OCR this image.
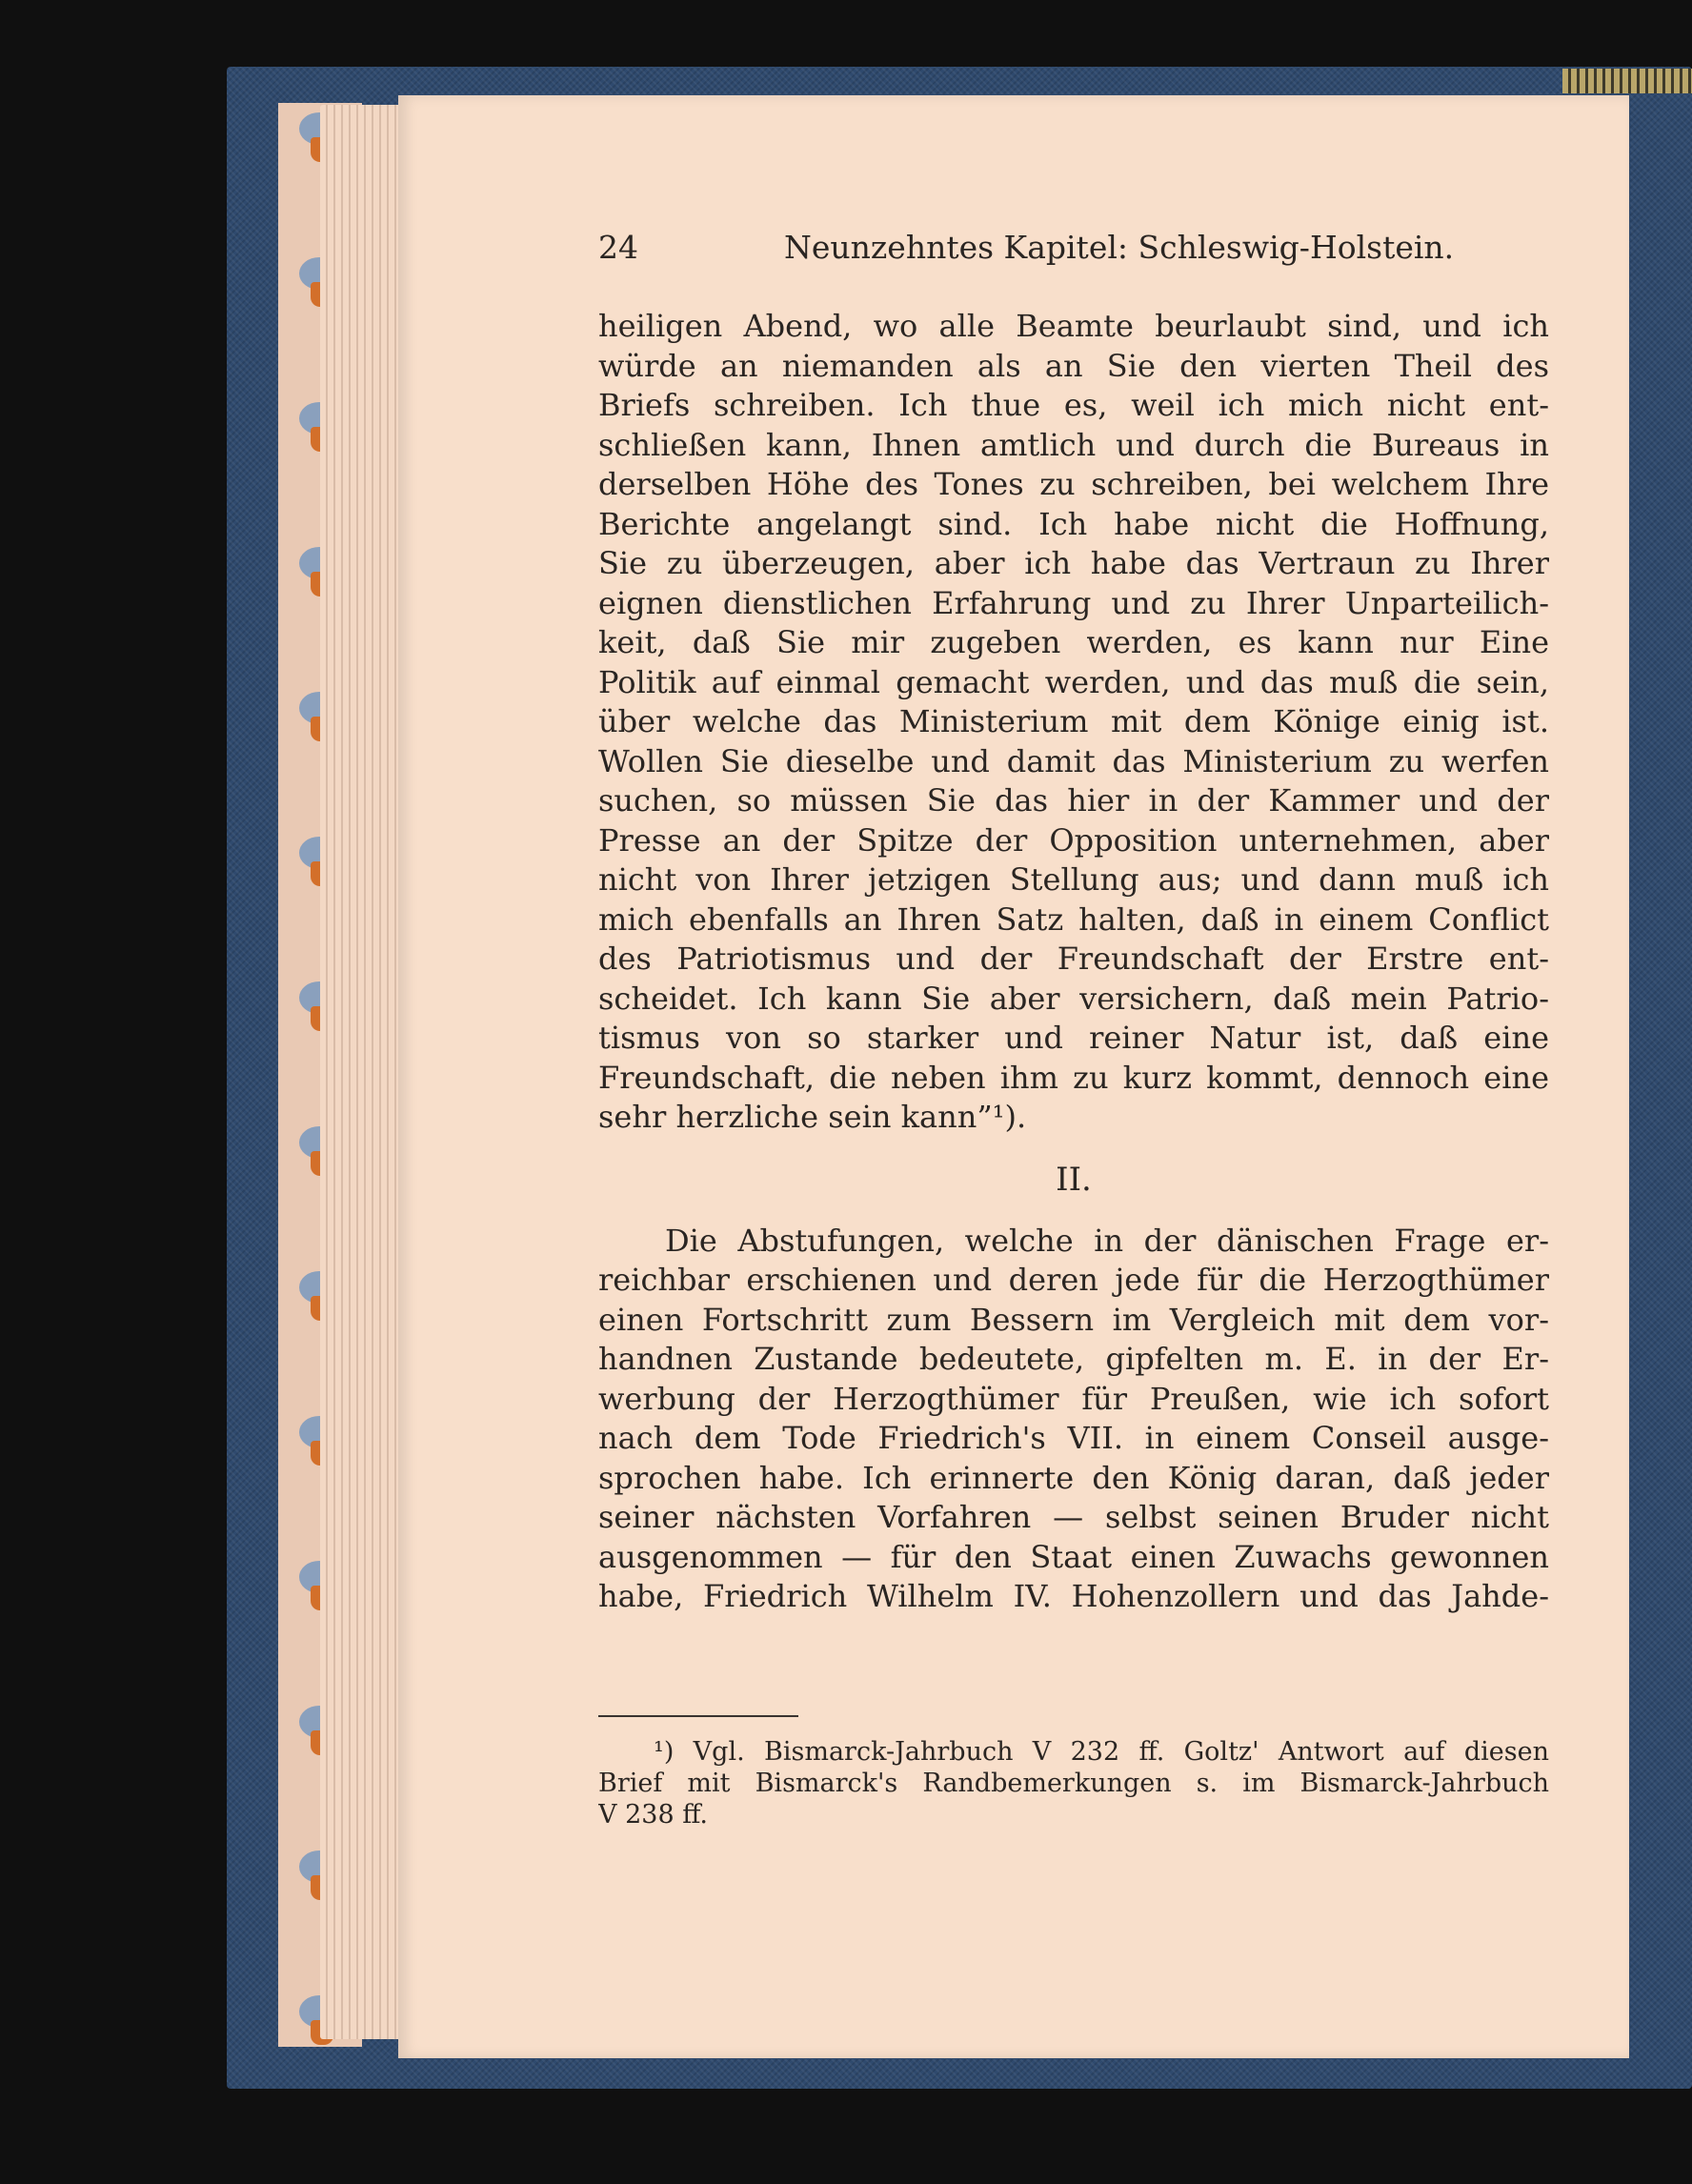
24	Neunzehntes Kapitel: Schleswig-Holstein.
heiligen Abend, wo alle Beamte beurlaubt sind, und ich
würde an niemanden als an Sie den vierten Theil des
Briefs schreiben. Ich thue es, weil ich mich nicht ent-
schließen kann, Ihnen amtlich und durch die Bureaus in
derselben Höhe des Tones zu schreiben, bei welchem Ihre
Berichte angelangt sind. Ich habe nicht die Hoffnung,
Sie zu überzeugen, aber ich habe das Vertraun zu Ihrer
eignen dienstlichen Erfahrung und zu Ihrer Unparteilich-
keit, daß Sie mir zugeben werden, es kann nur Eine
Politik auf einmal gemacht werden, und das muß die sein,
über welche das Ministerium mit dem Könige einig ist.
Wollen Sie dieselbe und damit das Ministerium zu werfen
suchen, so müssen Sie das hier in der Kammer und der
Presse an der Spitze der Opposition unternehmen, aber
nicht von Ihrer jetzigen Stellung aus; und dann muß ich
mich ebenfalls an Ihren Satz halten, daß in einem Conflict
des Patriotismus und der Freundschaft der Erstre ent-
scheidet. Ich kann Sie aber versichern, daß mein Patrio-
tismus von so starker und reiner Natur ist, daß eine
Freundschaft, die neben ihm zu kurz kommt, dennoch eine
sehr herzliche sein kann”¹).
II.
Die Abstufungen, welche in der dänischen Frage er-
reichbar erschienen und deren jede für die Herzogthümer
einen Fortschritt zum Bessern im Vergleich mit dem vor-
handnen Zustande bedeutete, gipfelten m. E. in der Er-
werbung der Herzogthümer für Preußen, wie ich sofort
nach dem Tode Friedrich's VII. in einem Conseil ausge-
sprochen habe. Ich erinnerte den König daran, daß jeder
seiner nächsten Vorfahren — selbst seinen Bruder nicht
ausgenommen — für den Staat einen Zuwachs gewonnen
habe, Friedrich Wilhelm IV. Hohenzollern und das Jahde-
¹) Vgl. Bismarck-Jahrbuch V 232 ff. Goltz' Antwort auf diesen
Brief mit Bismarck's Randbemerkungen s. im Bismarck-Jahrbuch
V 238 ff.
